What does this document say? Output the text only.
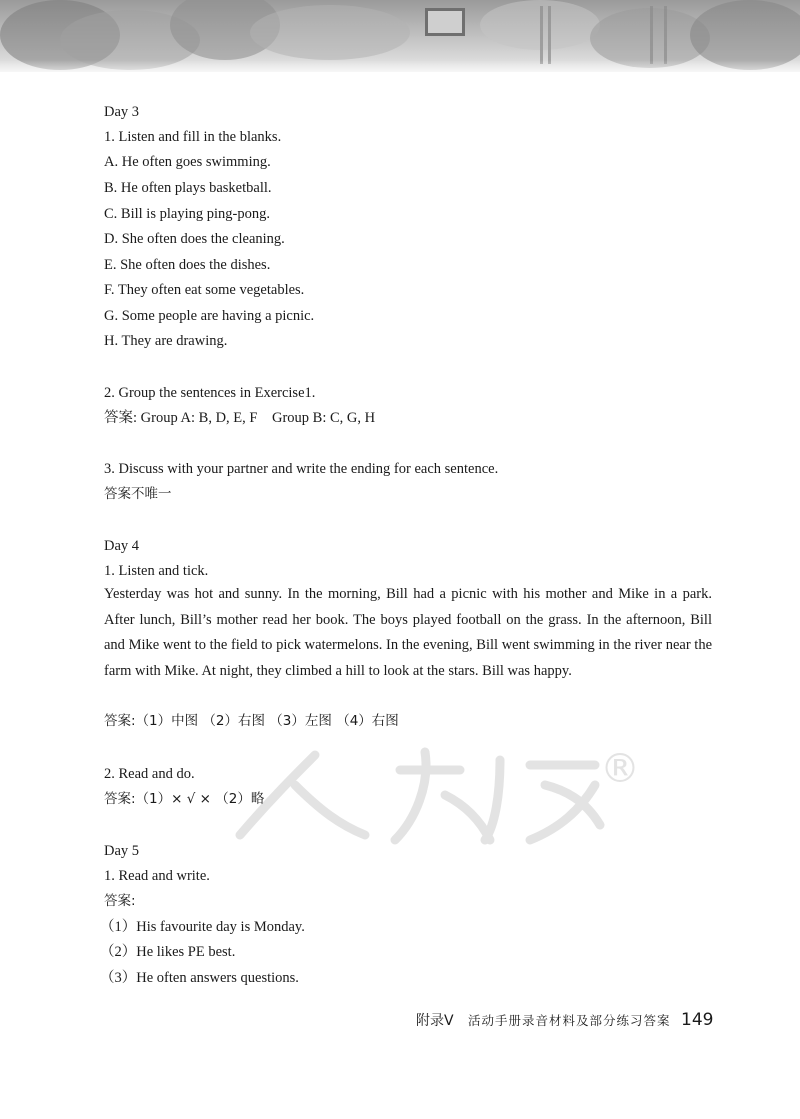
®
Day 3
1. Listen and fill in the blanks.
A. He often goes swimming.
B. He often plays basketball.
C. Bill is playing ping-pong.
D. She often does the cleaning.
E. She often does the dishes.
F. They often eat some vegetables.
G. Some people are having a picnic.
H. They are drawing.
2. Group the sentences in Exercise1.
答案: Group A: B, D, E, F    Group B: C, G, H
3. Discuss with your partner and write the ending for each sentence.
答案不唯一
Day 4
1. Listen and tick.
Yesterday was hot and sunny. In the morning, Bill had a picnic with his mother and Mike in a park. After lunch, Bill’s mother read her book. The boys played football on the grass. In the afternoon, Bill and Mike went to the field to pick watermelons. In the evening, Bill went swimming in the river near the farm with Mike. At night, they climbed a hill to look at the stars. Bill was happy.
答案:（1）中图 （2）右图 （3）左图 （4）右图
2. Read and do.
答案:（1）× √ × （2）略
Day 5
1. Read and write.
答案:
（1）His favourite day is Monday.
（2）He likes PE best.
（3）He often answers questions.
附录V 活动手册录音材料及部分练习答案 149
